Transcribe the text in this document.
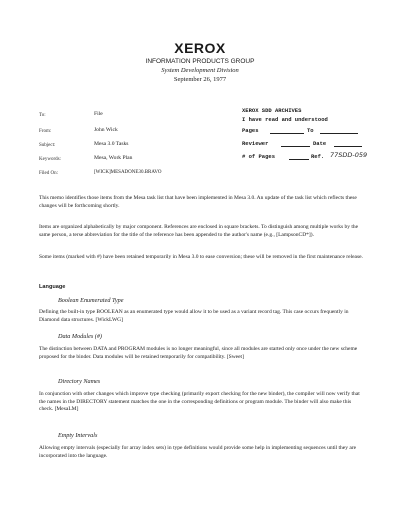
XEROX
INFORMATION PRODUCTS GROUP
System Development Division
September 26, 1977
To:	File
From:	John Wick
Subject:	Mesa 3.0 Tasks
Keywords:	Mesa, Work Plan
Filed On:	[WICK]MESADONE30.BRAVO
XEROX SDD ARCHIVES
I have read and understood
Pages	To
Reviewer	Date
# of Pages	Ref. 77SDD-059

This memo identifies those items from the Mesa task list that have been implemented in Mesa 3.0. An update of the task list which reflects these changes will be forthcoming shortly.

Items are organized alphabetically by major component. References are enclosed in square brackets. To distinguish among multiple works by the same person, a terse abbreviation for the title of the reference has been appended to the author's name (e.g., [LampsonCD*]).

Some items (marked with #) have been retained temporarily in Mesa 3.0 to ease conversion; these will be removed in the first maintenance release.

Language
Boolean Enumerated Type

Defining the built-in type BOOLEAN as an enumerated type would allow it to be used as a variant record tag. This case occurs frequently in Diamond data structures. [WickLWG]

Data Modules (#)

The distinction between DATA and PROGRAM modules is no longer meaningful, since all modules are started only once under the new scheme proposed for the binder. Data modules will be retained temporarily for compatibility. [Sweet]

Directory Names

In conjunction with other changes which improve type checking (primarily export checking for the new binder), the compiler will now verify that the names in the DIRECTORY statement matches the one in the corresponding definitions or program module. The binder will also make this check. [MesaLM]

Empty Intervals

Allowing empty intervals (especially for array index sets) in type definitions would provide some help in implementing sequences until they are incorporated into the language.
